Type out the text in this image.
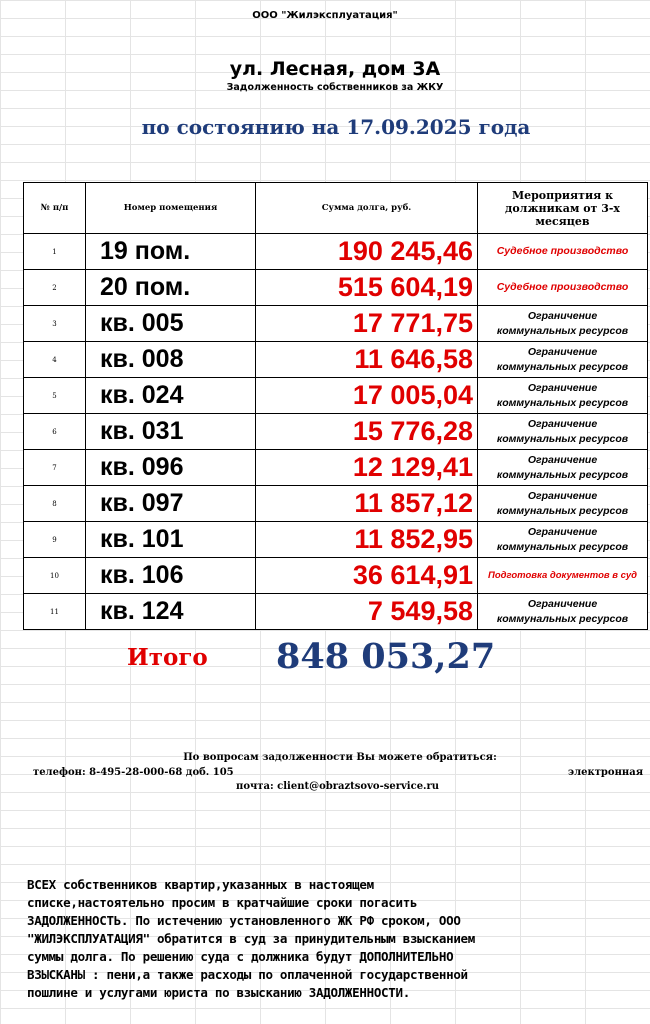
ООО "Жилэксплуатация"
ул. Лесная, дом 3А
Задолженность собственников за ЖКУ
по состоянию на 17.09.2025 года
№ п/п	Номер помещения	Сумма долга, руб.	Мероприятия к должникам от 3-х месяцев
1	19 пом.	190 245,46	Судебное производство

2	20 пом.	515 604,19	Судебное производство

3	кв. 005	17 771,75	Ограничение
коммунальных ресурсов

4	кв. 008	11 646,58	Ограничение
коммунальных ресурсов

5	кв. 024	17 005,04	Ограничение
коммунальных ресурсов

6	кв. 031	15 776,28	Ограничение
коммунальных ресурсов

7	кв. 096	12 129,41	Ограничение
коммунальных ресурсов

8	кв. 097	11 857,12	Ограничение
коммунальных ресурсов

9	кв. 101	11 852,95	Ограничение
коммунальных ресурсов

10	кв. 106	36 614,91	Подготовка документов в суд

11	кв. 124	7 549,58	Ограничение
коммунальных ресурсов
Итого 848 053,27
По вопросам задолженности Вы можете обратиться:
телефон: 8-495-28-000-68 доб. 105	электронная
почта: client@obraztsovo-service.ru
ВСЕХ собственников квартир,указанных в настоящем
списке,настоятельно просим в кратчайшие сроки погасить
ЗАДОЛЖЕННОСТЬ. По истечению установленного ЖК РФ сроком, ООО
"ЖИЛЭКСПЛУАТАЦИЯ" обратится в суд за принудительным взысканием
суммы долга. По решению суда с должника будут ДОПОЛНИТЕЛЬНО
ВЗЫСКАНЫ : пени,а также расходы по оплаченной государственной
пошлине и услугами юриста по взысканию ЗАДОЛЖЕННОСТИ.
